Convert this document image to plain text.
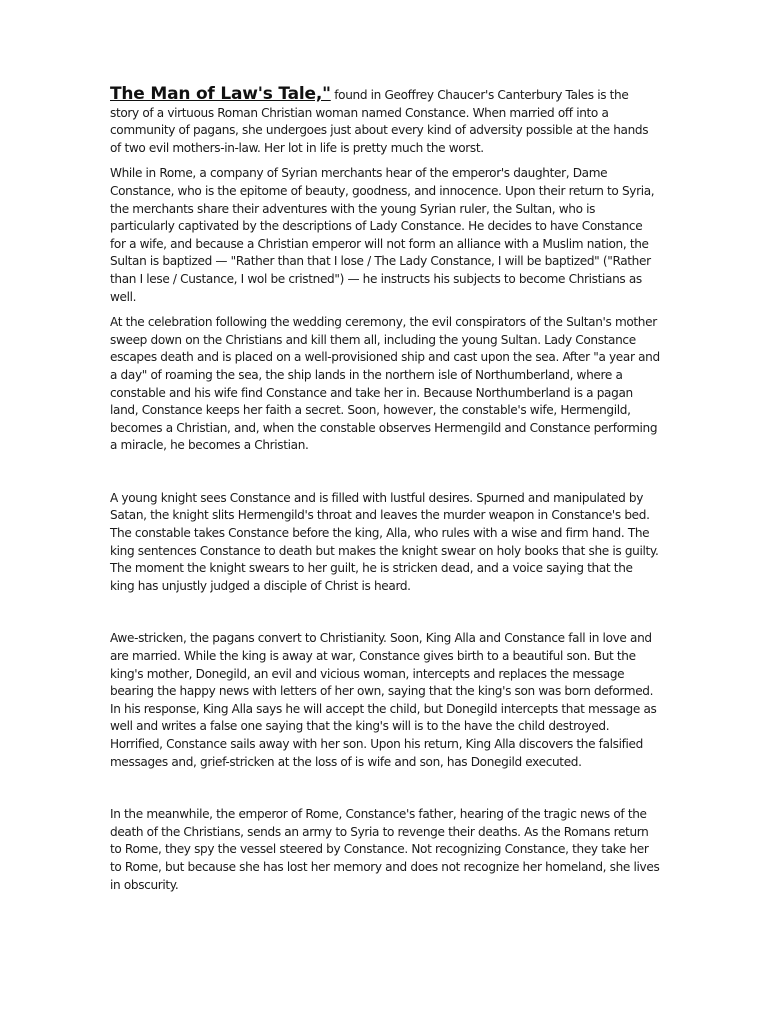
The Man of Law's Tale," found in Geoffrey Chaucer's Canterbury Tales is the story of a virtuous Roman Christian woman named Constance. When married off into a community of pagans, she undergoes just about every kind of adversity possible at the hands of two evil mothers-in-law. Her lot in life is pretty much the worst.

While in Rome, a company of Syrian merchants hear of the emperor's daughter, Dame Constance, who is the epitome of beauty, goodness, and innocence. Upon their return to Syria, the merchants share their adventures with the young Syrian ruler, the Sultan, who is particularly captivated by the descriptions of Lady Constance. He decides to have Constance for a wife, and because a Christian emperor will not form an alliance with a Muslim nation, the Sultan is baptized — "Rather than that I lose / The Lady Constance, I will be baptized" ("Rather than I lese / Custance, I wol be cristned") — he instructs his subjects to become Christians as well.

At the celebration following the wedding ceremony, the evil conspirators of the Sultan's mother sweep down on the Christians and kill them all, including the young Sultan. Lady Constance escapes death and is placed on a well-provisioned ship and cast upon the sea. After "a year and a day" of roaming the sea, the ship lands in the northern isle of Northumberland, where a constable and his wife find Constance and take her in. Because Northumberland is a pagan land, Constance keeps her faith a secret. Soon, however, the constable's wife, Hermengild, becomes a Christian, and, when the constable observes Hermengild and Constance performing a miracle, he becomes a Christian.

A young knight sees Constance and is filled with lustful desires. Spurned and manipulated by Satan, the knight slits Hermengild's throat and leaves the murder weapon in Constance's bed. The constable takes Constance before the king, Alla, who rules with a wise and firm hand. The king sentences Constance to death but makes the knight swear on holy books that she is guilty. The moment the knight swears to her guilt, he is stricken dead, and a voice saying that the king has unjustly judged a disciple of Christ is heard.

Awe-stricken, the pagans convert to Christianity. Soon, King Alla and Constance fall in love and are married. While the king is away at war, Constance gives birth to a beautiful son. But the king's mother, Donegild, an evil and vicious woman, intercepts and replaces the message bearing the happy news with letters of her own, saying that the king's son was born deformed. In his response, King Alla says he will accept the child, but Donegild intercepts that message as well and writes a false one saying that the king's will is to the have the child destroyed. Horrified, Constance sails away with her son. Upon his return, King Alla discovers the falsified messages and, grief-stricken at the loss of is wife and son, has Donegild executed.

In the meanwhile, the emperor of Rome, Constance's father, hearing of the tragic news of the death of the Christians, sends an army to Syria to revenge their deaths. As the Romans return to Rome, they spy the vessel steered by Constance. Not recognizing Constance, they take her to Rome, but because she has lost her memory and does not recognize her homeland, she lives in obscurity.
